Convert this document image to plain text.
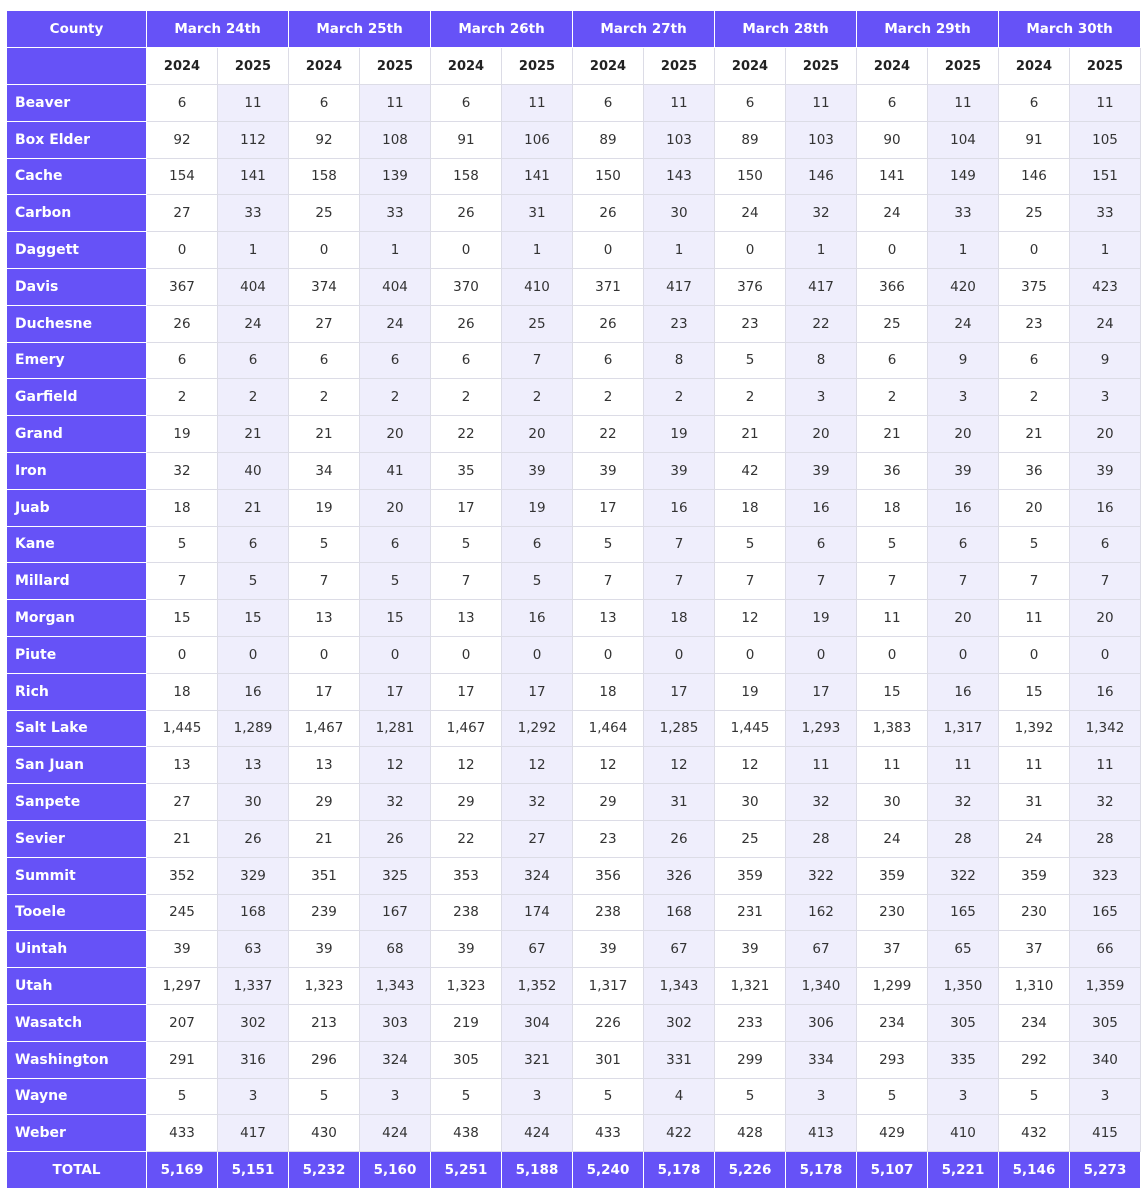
County	March 24th		March 25th		March 26th		March 27th		March 28th		March 29th		March 30th	
	2024	2025	2024	2025	2024	2025	2024	2025	2024	2025	2024	2025	2024	2025
Beaver	6	11	6	11	6	11	6	11	6	11	6	11	6	11
Box Elder	92	112	92	108	91	106	89	103	89	103	90	104	91	105
Cache	154	141	158	139	158	141	150	143	150	146	141	149	146	151
Carbon	27	33	25	33	26	31	26	30	24	32	24	33	25	33
Daggett	0	1	0	1	0	1	0	1	0	1	0	1	0	1
Davis	367	404	374	404	370	410	371	417	376	417	366	420	375	423
Duchesne	26	24	27	24	26	25	26	23	23	22	25	24	23	24
Emery	6	6	6	6	6	7	6	8	5	8	6	9	6	9
Garfield	2	2	2	2	2	2	2	2	2	3	2	3	2	3
Grand	19	21	21	20	22	20	22	19	21	20	21	20	21	20
Iron	32	40	34	41	35	39	39	39	42	39	36	39	36	39
Juab	18	21	19	20	17	19	17	16	18	16	18	16	20	16
Kane	5	6	5	6	5	6	5	7	5	6	5	6	5	6
Millard	7	5	7	5	7	5	7	7	7	7	7	7	7	7
Morgan	15	15	13	15	13	16	13	18	12	19	11	20	11	20
Piute	0	0	0	0	0	0	0	0	0	0	0	0	0	0
Rich	18	16	17	17	17	17	18	17	19	17	15	16	15	16
Salt Lake	1,445	1,289	1,467	1,281	1,467	1,292	1,464	1,285	1,445	1,293	1,383	1,317	1,392	1,342
San Juan	13	13	13	12	12	12	12	12	12	11	11	11	11	11
Sanpete	27	30	29	32	29	32	29	31	30	32	30	32	31	32
Sevier	21	26	21	26	22	27	23	26	25	28	24	28	24	28
Summit	352	329	351	325	353	324	356	326	359	322	359	322	359	323
Tooele	245	168	239	167	238	174	238	168	231	162	230	165	230	165
Uintah	39	63	39	68	39	67	39	67	39	67	37	65	37	66
Utah	1,297	1,337	1,323	1,343	1,323	1,352	1,317	1,343	1,321	1,340	1,299	1,350	1,310	1,359
Wasatch	207	302	213	303	219	304	226	302	233	306	234	305	234	305
Washington	291	316	296	324	305	321	301	331	299	334	293	335	292	340
Wayne	5	3	5	3	5	3	5	4	5	3	5	3	5	3
Weber	433	417	430	424	438	424	433	422	428	413	429	410	432	415
TOTAL	5,169	5,151	5,232	5,160	5,251	5,188	5,240	5,178	5,226	5,178	5,107	5,221	5,146	5,273
